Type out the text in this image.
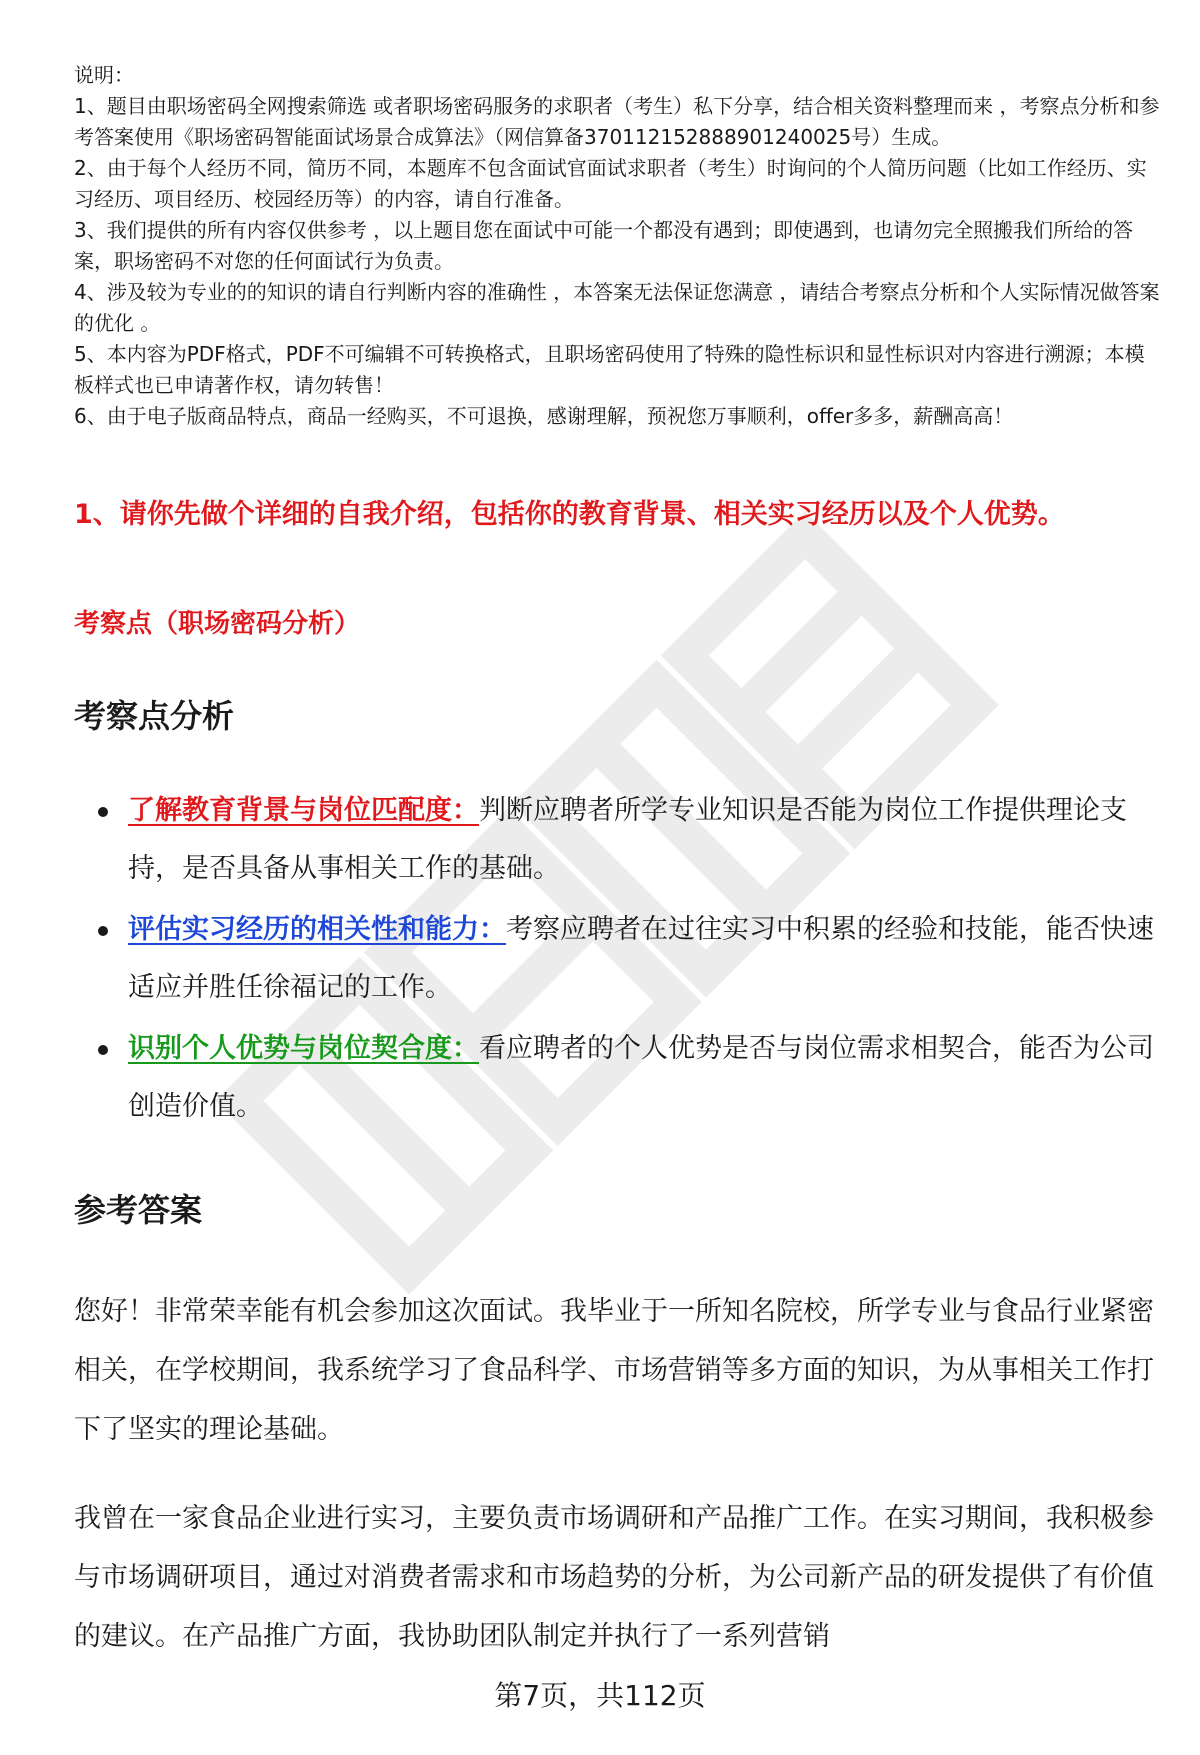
说明：

1、题目由职场密码全网搜索筛选 或者职场密码服务的求职者（考生）私下分享，结合相关资料整理而来 ，考察点分析和参考答案使用《职场密码智能面试场景合成算法》（网信算备370112152888901240025号）生成。

2、由于每个人经历不同，简历不同，本题库不包含面试官面试求职者（考生）时询问的个人简历问题（比如工作经历、实习经历、项目经历、校园经历等）的内容，请自行准备。

3、我们提供的所有内容仅供参考 ，以上题目您在面试中可能一个都没有遇到；即使遇到，也请勿完全照搬我们所给的答案，职场密码不对您的任何面试行为负责。

4、涉及较为专业的的知识的请自行判断内容的准确性 ，本答案无法保证您满意 ，请结合考察点分析和个人实际情况做答案的优化 。

5、本内容为PDF格式，PDF不可编辑不可转换格式，且职场密码使用了特殊的隐性标识和显性标识对内容进行溯源；本模板样式也已申请著作权，请勿转售！

6、由于电子版商品特点，商品一经购买，不可退换，感谢理解，预祝您万事顺利，offer多多，薪酬高高！

1、请你先做个详细的自我介绍，包括你的教育背景、相关实习经历以及个人优势。
考察点（职场密码分析）
考察点分析
了解教育背景与岗位匹配度：判断应聘者所学专业知识是否能为岗位工作提供理论支持，是否具备从事相关工作的基础。
评估实习经历的相关性和能力：考察应聘者在过往实习中积累的经验和技能，能否快速适应并胜任徐福记的工作。
识别个人优势与岗位契合度：看应聘者的个人优势是否与岗位需求相契合，能否为公司创造价值。
参考答案

您好！非常荣幸能有机会参加这次面试。我毕业于一所知名院校，所学专业与食品行业紧密相关，在学校期间，我系统学习了食品科学、市场营销等多方面的知识，为从事相关工作打下了坚实的理论基础。

我曾在一家食品企业进行实习，主要负责市场调研和产品推广工作。在实习期间，我积极参与市场调研项目，通过对消费者需求和市场趋势的分析，为公司新产品的研发提供了有价值的建议。在产品推广方面，我协助团队制定并执行了一系列营销

第7页，共112页
